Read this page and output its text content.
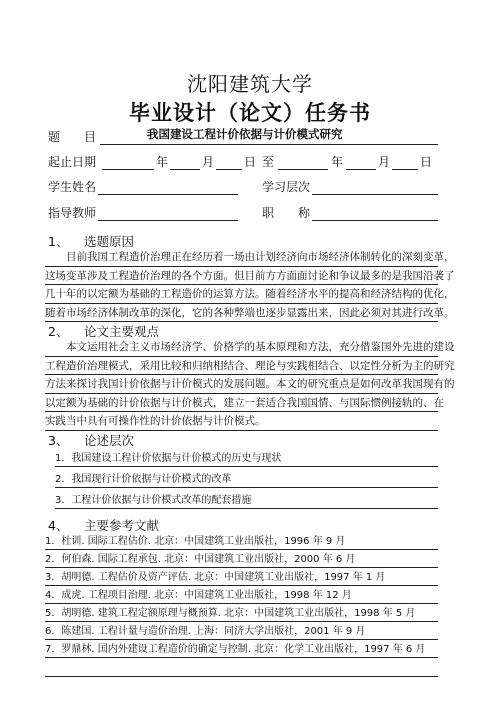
沈阳建筑大学
毕业设计（论文）任务书
题　　目	我国建设工程计价依据与计价模式研究
起止日期	年	月 日 至	年	月 日
学生姓名	学习层次
指导教师	职　　称
1、 选题原因
　　目前我国工程造价治理正在经历着一场由计划经济向市场经济体制转化的深刻变革，
这场变革涉及工程造价治理的各个方面。但目前方方面面讨论和争议最多的是我国沿袭了
几十年的以定额为基础的工程造价的运算方法。随着经济水平的提高和经济结构的优化，
随着市场经济体制改革的深化，它的各种弊端也逐步显露出来，因此必须对其进行改革。
2、 论文主要观点
　　本文运用社会主义市场经济学、价格学的基本原理和方法，充分借鉴国外先进的建设
工程造价治理模式，采用比较和归纳相结合、理论与实践相结合、以定性分析为主的研究
方法来探讨我国计价依据与计价模式的发展问题。本文的研究重点是如何改革我国现有的
以定额为基础的计价依据与计价模式，建立一套适合我国国情、与国际惯例接轨的、在
实践当中具有可操作性的计价依据与计价模式。
3、 论述层次
1．我国建设工程计价依据与计价模式的历史与现状
2．我国现行计价依据与计价模式的改革
3．工程计价依据与计价模式改革的配套措施
4、 主要参考文献
1．杜训. 国际工程估价. 北京：中国建筑工业出版社，1996 年 9 月
2．何伯森. 国际工程承包. 北京：中国建筑工业出版社，2000 年 6 月
3．胡明德. 工程估价及资产评估. 北京：中国建筑工业出版社，1997 年 1 月
4．成虎. 工程项目治理. 北京：中国建筑工业出版社，1998 年 12 月
5．胡明德. 建筑工程定额原理与概预算. 北京：中国建筑工业出版社，1998 年 5 月
6．陈建国. 工程计量与造价治理. 上海：同济大学出版社，2001 年 9 月
7．罗鼎林. 国内外建设工程造价的确定与控制. 北京：化学工业出版社，1997 年 6 月
